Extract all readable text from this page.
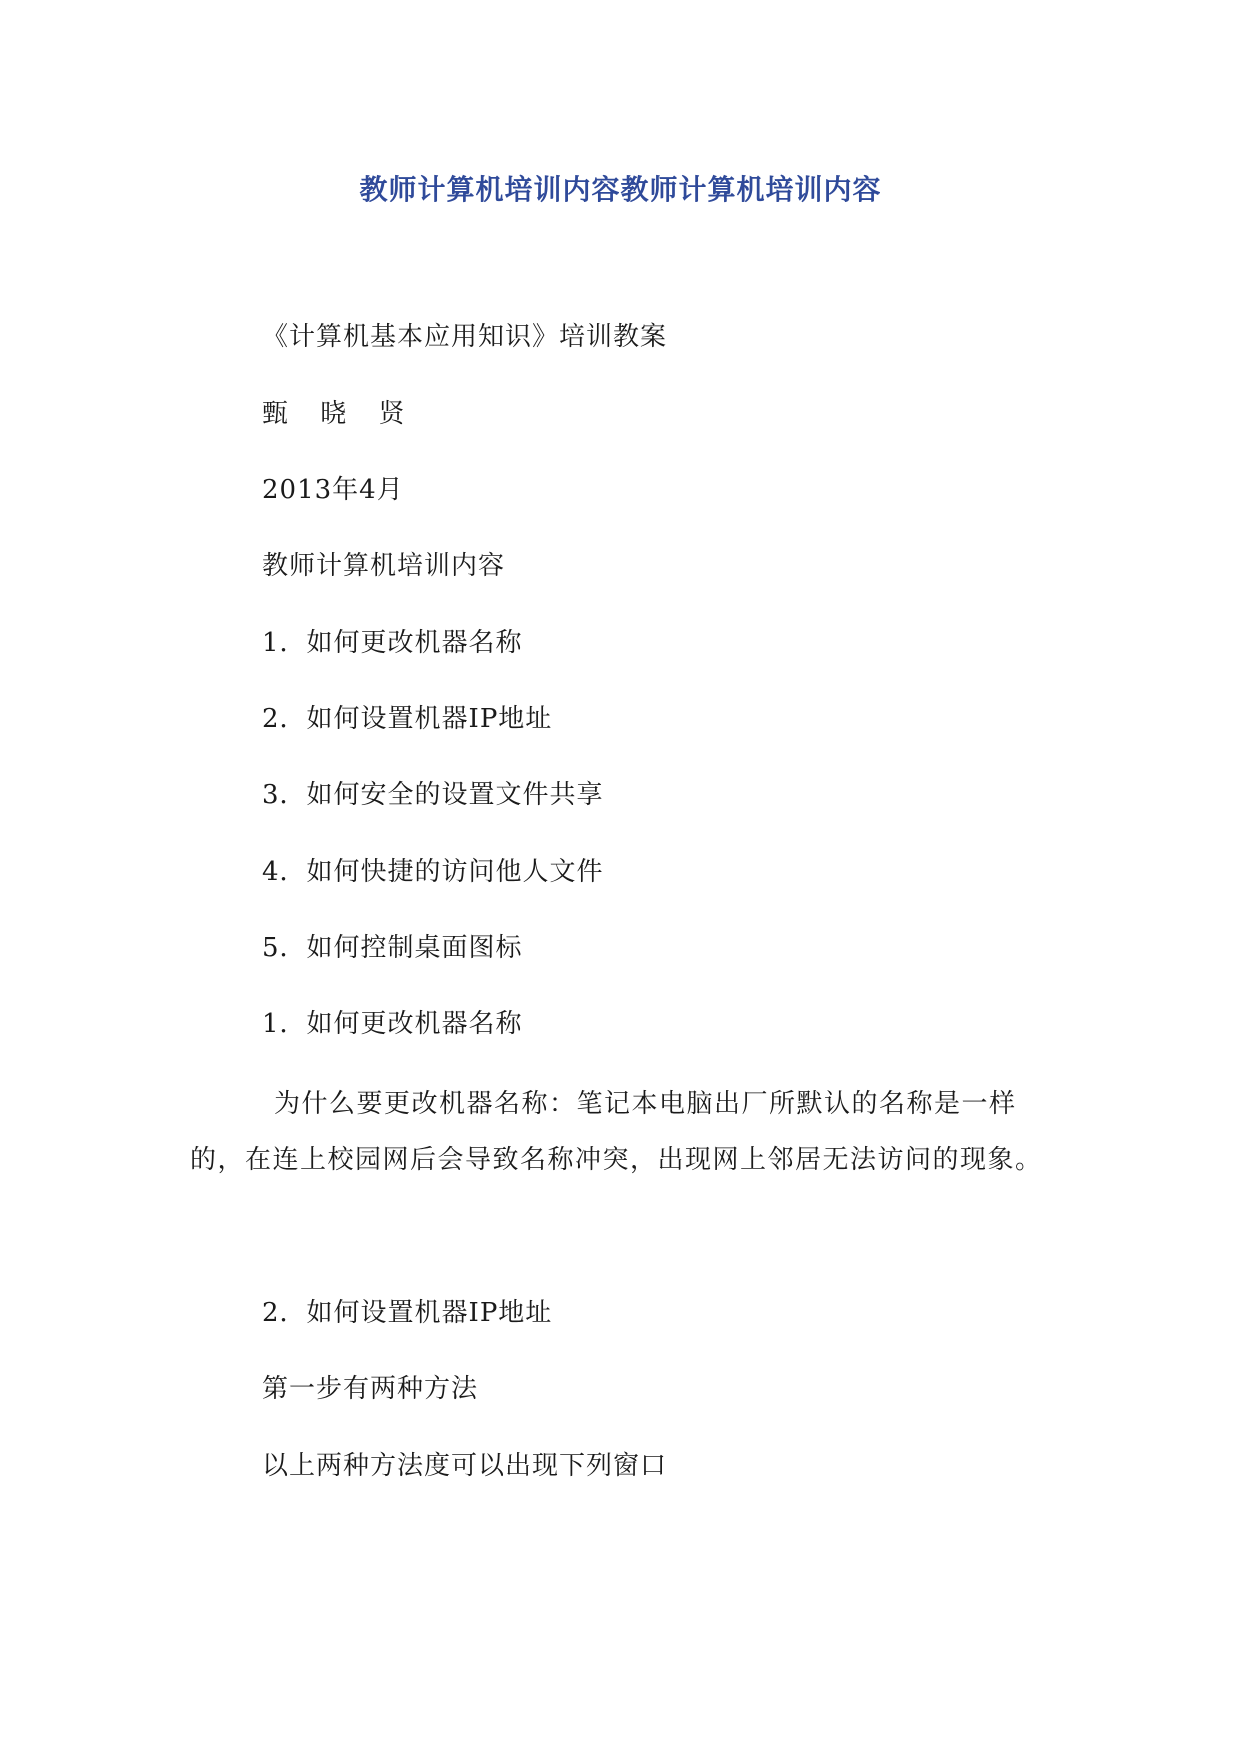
教师计算机培训内容教师计算机培训内容

《计算机基本应用知识》培训教案

甄 晓 贤

2013年4月

教师计算机培训内容

1．如何更改机器名称

2．如何设置机器IP地址

3．如何安全的设置文件共享

4．如何快捷的访问他人文件

5．如何控制桌面图标

1．如何更改机器名称

为什么要更改机器名称：笔记本电脑出厂所默认的名称是一样的，在连上校园网后会导致名称冲突，出现网上邻居无法访问的现象。

2．如何设置机器IP地址

第一步有两种方法

以上两种方法度可以出现下列窗口
